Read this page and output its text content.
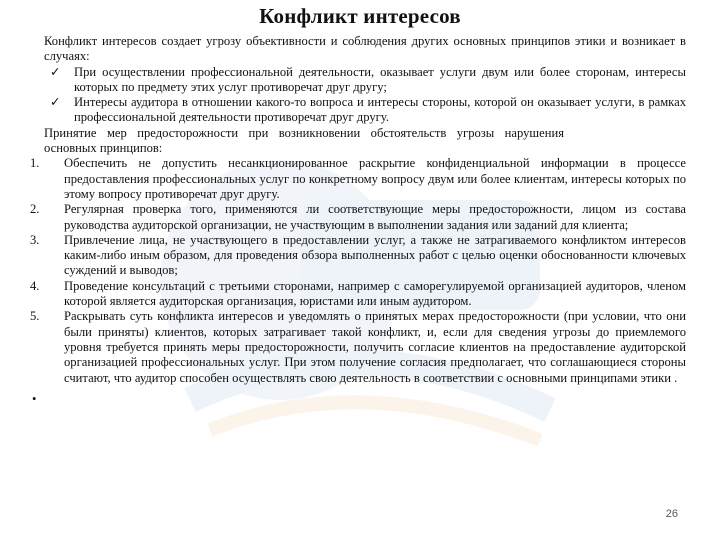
Конфликт интересов
Конфликт интересов создает угрозу объективности и соблюдения других основных принципов этики и возникает в случаях:
✓	При осуществлении профессиональной деятельности, оказывает услуги двум или более сторонам, интересы которых по предмету этих услуг противоречат друг другу;
✓	Интересы аудитора в отношении какого-то вопроса и интересы стороны, которой он оказывает услуги, в рамках профессиональной деятельности противоречат друг другу.
Принятие мер предосторожности при возникновении обстоятельств угрозы нарушения основных принципов:
1.	Обеспечить не допустить несанкционированное раскрытие конфиденциальной информации в процессе предоставления профессиональных услуг по конкретному вопросу двум или более клиентам, интересы которых по этому вопросу противоречат друг другу.
2.	Регулярная проверка того, применяются ли соответствующие меры предосторожности, лицом из состава руководства аудиторской организации, не участвующим в выполнении задания или заданий для клиента;
3.	Привлечение лица, не участвующего в предоставлении услуг, а также не затрагиваемого конфликтом интересов каким-либо иным образом, для проведения обзора выполненных работ с целью оценки обоснованности ключевых суждений и выводов;
4.	Проведение консультаций с третьими сторонами, например с саморегулируемой организацией аудиторов, членом которой является аудиторская организация, юристами или иным аудитором.
5.	Раскрывать суть конфликта интересов и уведомлять о принятых мерах предосторожности (при условии, что они были приняты) клиентов, которых затрагивает такой конфликт, и, если для сведения угрозы до приемлемого уровня требуется принять меры предосторожности, получить согласие клиентов на предоставление аудиторской организацией профессиональных услуг. При этом получение согласия предполагает, что соглашающиеся стороны считают, что аудитор способен осуществлять свою деятельность в соответствии с основными принципами этики .
•
26
